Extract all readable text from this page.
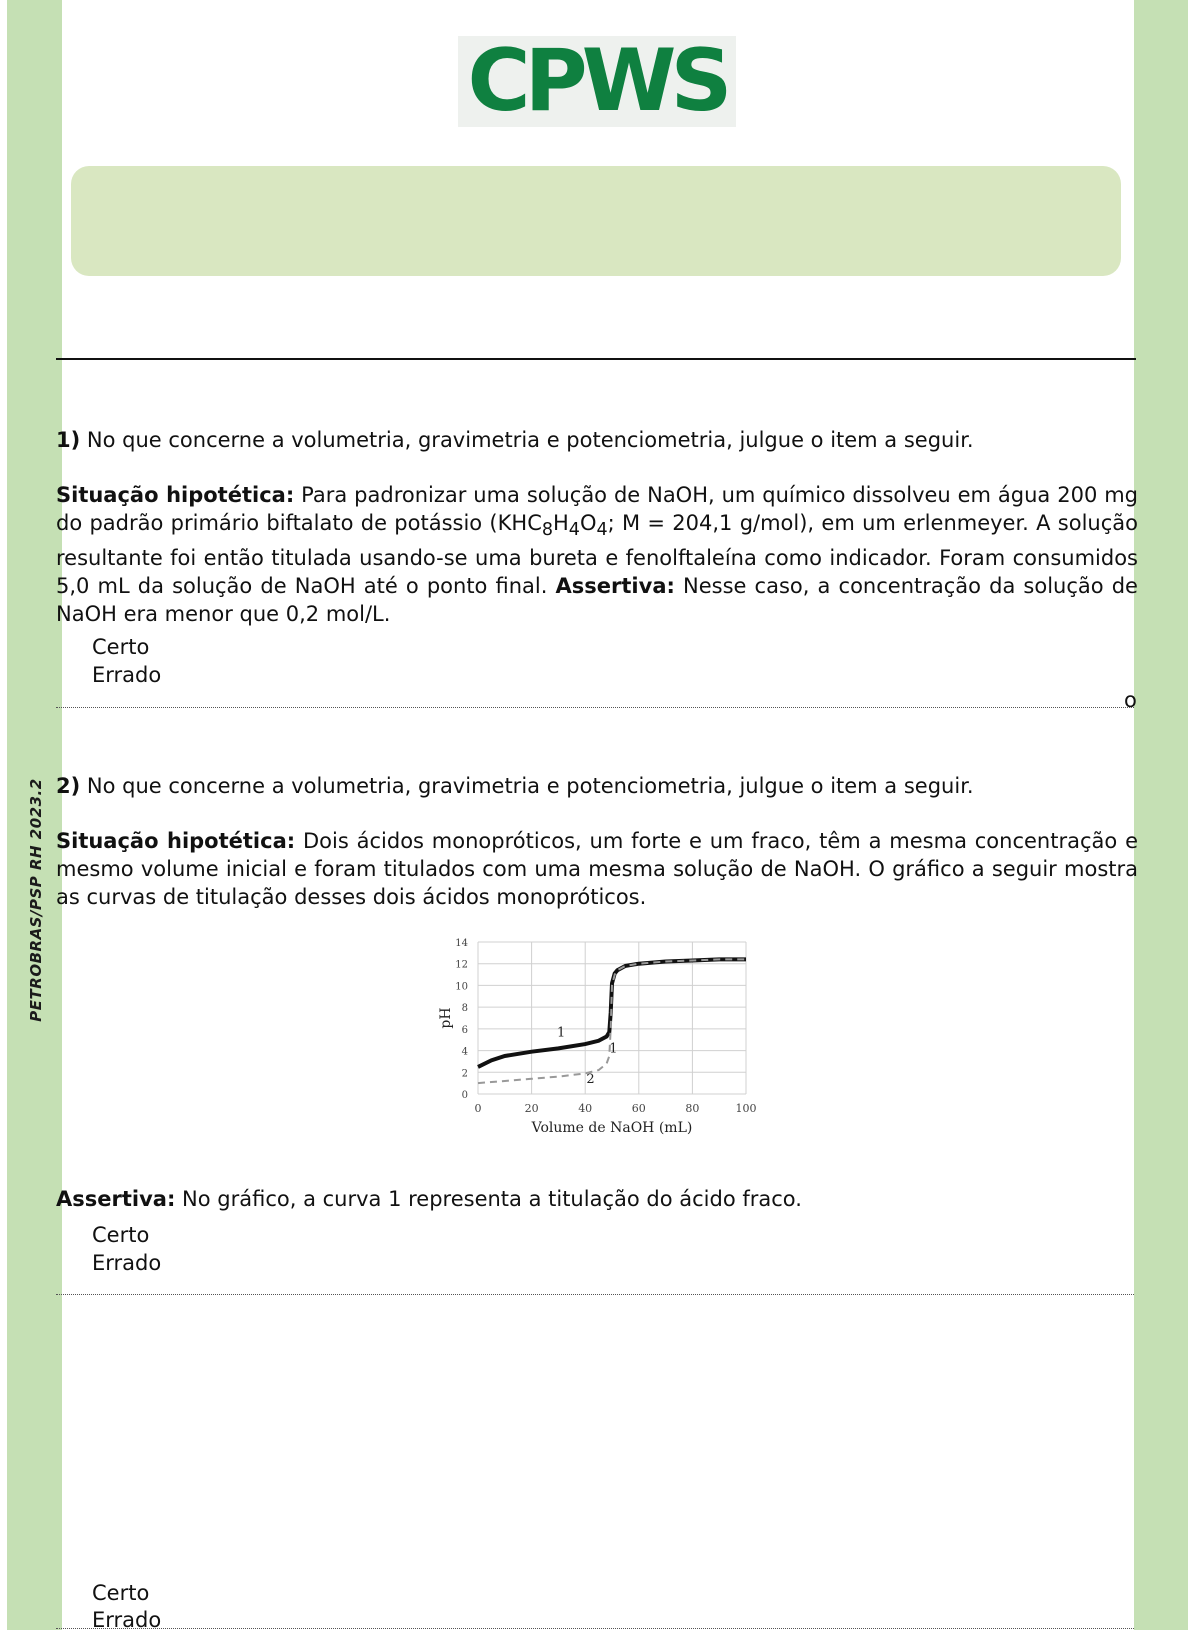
PETROBRAS/PSP RH 2023.2
CPWS
1) No que concerne a volumetria, gravimetria e potenciometria, julgue o item a seguir.
Situação hipotética: Para padronizar uma solução de NaOH, um químico dissolveu em água 200 mg do padrão primário biftalato de potássio ($KHC_8H_4O_4$; M = 204,1 g/mol), em um erlenmeyer. A solução resultante foi então titulada usando-se uma bureta e fenolftaleína como indicador. Foram consumidos 5,0 mL da solução de NaOH até o ponto final. Assertiva: Nesse caso, a concentração da solução de NaOH era menor que 0,2 mol/L.
Certo
Errado
o
2) No que concerne a volumetria, gravimetria e potenciometria, julgue o item a seguir.
Situação hipotética: Dois ácidos monopróticos, um forte e um fraco, têm a mesma concentração e mesmo volume inicial e foram titulados com uma mesma solução de NaOH. O gráfico a seguir mostra as curvas de titulação desses dois ácidos monopróticos.
0	20	40	60	80	100
0
2
4
6
8
10
12
14
Volume de NaOH (mL)
pH
1
1
2
Assertiva: No gráfico, a curva 1 representa a titulação do ácido fraco.
Certo
Errado
Certo
Errado
